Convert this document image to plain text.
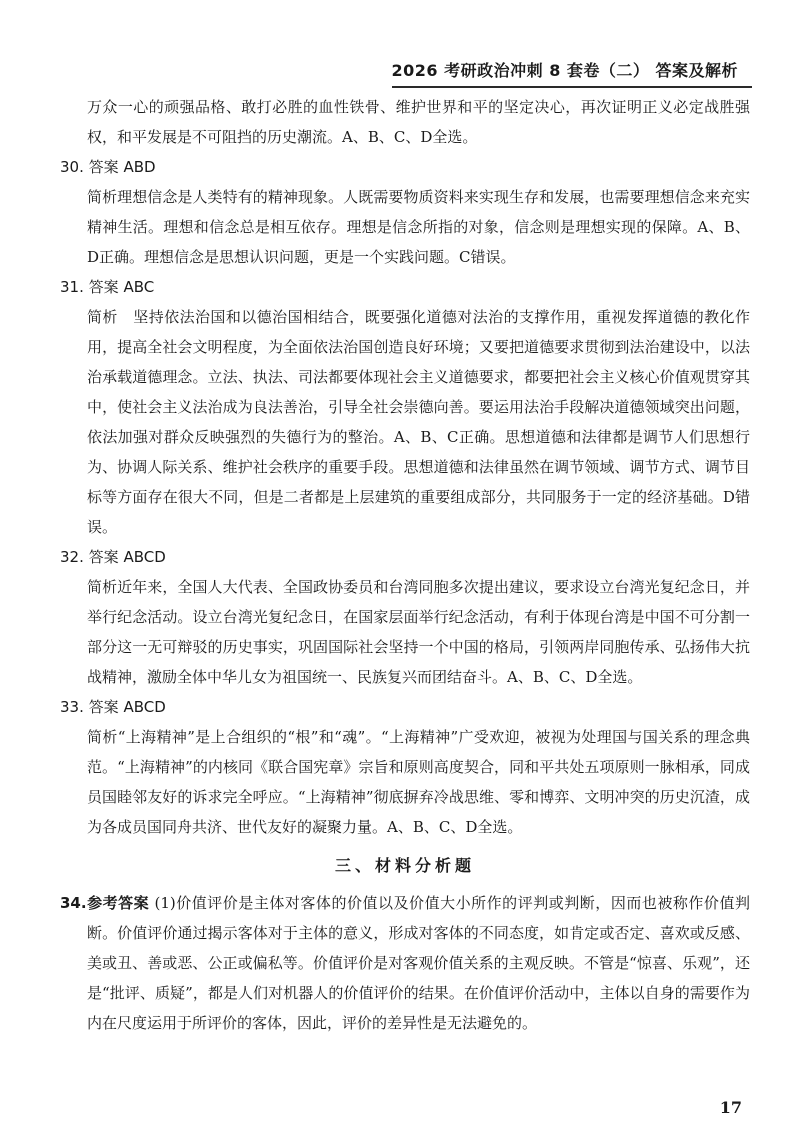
2026 考研政治冲刺 8 套卷（二） 答案及解析

万众一心的顽强品格、敢打必胜的血性铁骨、维护世界和平的坚定决心，再次证明正义必定战胜强权，和平发展是不可阻挡的历史潮流。A、B、C、D全选。

30. 答案 ABD

简析理想信念是人类特有的精神现象。人既需要物质资料来实现生存和发展，也需要理想信念来充实精神生活。理想和信念总是相互依存。理想是信念所指的对象，信念则是理想实现的保障。A、B、D正确。理想信念是思想认识问题，更是一个实践问题。C错误。

31. 答案 ABC

简析　坚持依法治国和以德治国相结合，既要强化道德对法治的支撑作用，重视发挥道德的教化作用，提高全社会文明程度，为全面依法治国创造良好环境；又要把道德要求贯彻到法治建设中，以法治承载道德理念。立法、执法、司法都要体现社会主义道德要求，都要把社会主义核心价值观贯穿其中，使社会主义法治成为良法善治，引导全社会崇德向善。要运用法治手段解决道德领域突出问题，依法加强对群众反映强烈的失德行为的整治。A、B、C正确。思想道德和法律都是调节人们思想行为、协调人际关系、维护社会秩序的重要手段。思想道德和法律虽然在调节领域、调节方式、调节目标等方面存在很大不同，但是二者都是上层建筑的重要组成部分，共同服务于一定的经济基础。D错误。

32. 答案 ABCD

简析近年来，全国人大代表、全国政协委员和台湾同胞多次提出建议，要求设立台湾光复纪念日，并举行纪念活动。设立台湾光复纪念日，在国家层面举行纪念活动，有利于体现台湾是中国不可分割一部分这一无可辩驳的历史事实，巩固国际社会坚持一个中国的格局，引领两岸同胞传承、弘扬伟大抗战精神，激励全体中华儿女为祖国统一、民族复兴而团结奋斗。A、B、C、D全选。

33. 答案 ABCD

简析“上海精神”是上合组织的“根”和“魂”。“上海精神”广受欢迎，被视为处理国与国关系的理念典范。“上海精神”的内核同《联合国宪章》宗旨和原则高度契合，同和平共处五项原则一脉相承，同成员国睦邻友好的诉求完全呼应。“上海精神”彻底摒弃冷战思维、零和博弈、文明冲突的历史沉渣，成为各成员国同舟共济、世代友好的凝聚力量。A、B、C、D全选。

三、材料分析题

34.参考答案 (1)价值评价是主体对客体的价值以及价值大小所作的评判或判断，因而也被称作价值判断。价值评价通过揭示客体对于主体的意义，形成对客体的不同态度，如肯定或否定、喜欢或反感、美或丑、善或恶、公正或偏私等。价值评价是对客观价值关系的主观反映。不管是“惊喜、乐观”，还是“批评、质疑”，都是人们对机器人的价值评价的结果。在价值评价活动中，主体以自身的需要作为内在尺度运用于所评价的客体，因此，评价的差异性是无法避免的。

17
